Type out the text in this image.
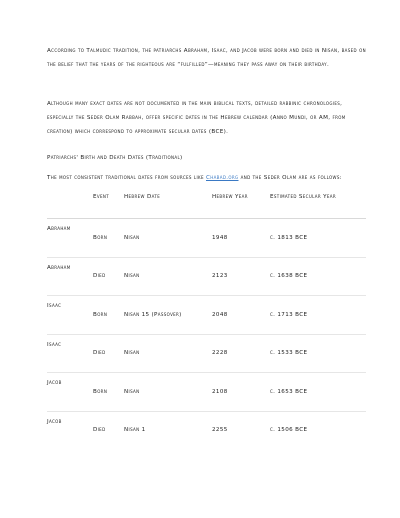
According to Talmudic tradition, the patriarchs Abraham, Isaac, and Jacob were born and died in Nisan, based on the belief that the years of the righteous are “fulfilled”—meaning they pass away on their birthday.

Although many exact dates are not documented in the main biblical texts, detailed rabbinic chronologies, especially the Seder Olam Rabbah, offer specific dates in the Hebrew calendar (Anno Mundi, or AM, from creation) which correspond to approximate secular dates (BCE).

Patriarchs' Birth and Death Dates (Traditional)

The most consistent traditional dates from sources like Chabad.org and the Seder Olam are as follows:

	Event	Hebrew Date	Hebrew Year	Estimated Secular Year
Abraham	Born	Nisan	1948	c. 1813 BCE
Abraham	Died	Nisan	2123	c. 1638 BCE
Isaac	Born	Nisan 15 (Passover)	2048	c. 1713 BCE
Isaac	Died	Nisan	2228	c. 1533 BCE
Jacob	Born	Nisan	2108	c. 1653 BCE
Jacob	Died	Nisan 1	2255	c. 1506 BCE
